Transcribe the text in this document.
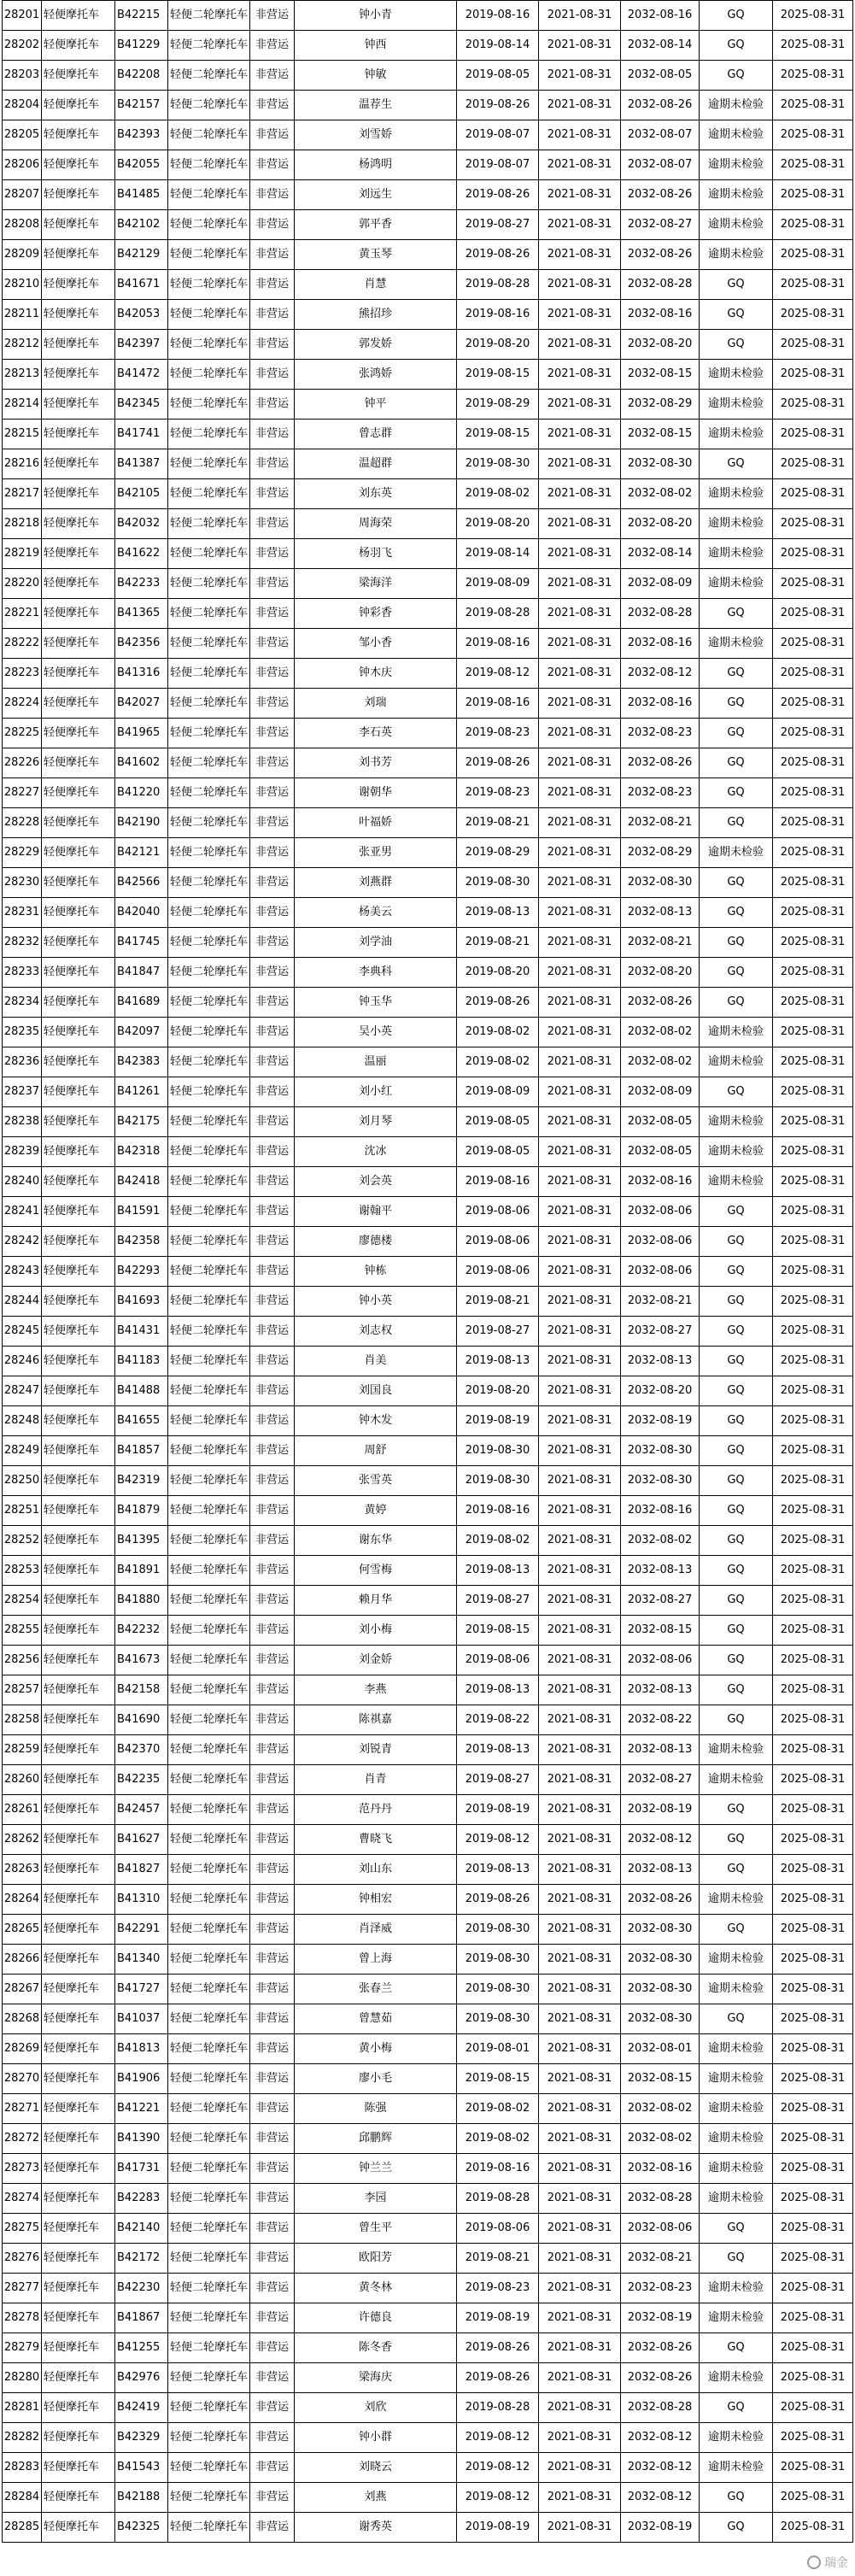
28201	轻便摩托车	B42215	轻便二轮摩托车	非营运	钟小青	2019-08-16	2021-08-31	2032-08-16	GQ	2025-08-31
28202	轻便摩托车	B41229	轻便二轮摩托车	非营运	钟西	2019-08-14	2021-08-31	2032-08-14	GQ	2025-08-31
28203	轻便摩托车	B42208	轻便二轮摩托车	非营运	钟敏	2019-08-05	2021-08-31	2032-08-05	GQ	2025-08-31
28204	轻便摩托车	B42157	轻便二轮摩托车	非营运	温荐生	2019-08-26	2021-08-31	2032-08-26	逾期未检验	2025-08-31
28205	轻便摩托车	B42393	轻便二轮摩托车	非营运	刘雪娇	2019-08-07	2021-08-31	2032-08-07	逾期未检验	2025-08-31
28206	轻便摩托车	B42055	轻便二轮摩托车	非营运	杨鸿明	2019-08-07	2021-08-31	2032-08-07	逾期未检验	2025-08-31
28207	轻便摩托车	B41485	轻便二轮摩托车	非营运	刘远生	2019-08-26	2021-08-31	2032-08-26	逾期未检验	2025-08-31
28208	轻便摩托车	B42102	轻便二轮摩托车	非营运	郭平香	2019-08-27	2021-08-31	2032-08-27	逾期未检验	2025-08-31
28209	轻便摩托车	B42129	轻便二轮摩托车	非营运	黄玉琴	2019-08-26	2021-08-31	2032-08-26	逾期未检验	2025-08-31
28210	轻便摩托车	B41671	轻便二轮摩托车	非营运	肖慧	2019-08-28	2021-08-31	2032-08-28	GQ	2025-08-31
28211	轻便摩托车	B42053	轻便二轮摩托车	非营运	熊招珍	2019-08-16	2021-08-31	2032-08-16	GQ	2025-08-31
28212	轻便摩托车	B42397	轻便二轮摩托车	非营运	郭发娇	2019-08-20	2021-08-31	2032-08-20	GQ	2025-08-31
28213	轻便摩托车	B41472	轻便二轮摩托车	非营运	张鸿娇	2019-08-15	2021-08-31	2032-08-15	逾期未检验	2025-08-31
28214	轻便摩托车	B42345	轻便二轮摩托车	非营运	钟平	2019-08-29	2021-08-31	2032-08-29	逾期未检验	2025-08-31
28215	轻便摩托车	B41741	轻便二轮摩托车	非营运	曾志群	2019-08-15	2021-08-31	2032-08-15	逾期未检验	2025-08-31
28216	轻便摩托车	B41387	轻便二轮摩托车	非营运	温超群	2019-08-30	2021-08-31	2032-08-30	GQ	2025-08-31
28217	轻便摩托车	B42105	轻便二轮摩托车	非营运	刘东英	2019-08-02	2021-08-31	2032-08-02	逾期未检验	2025-08-31
28218	轻便摩托车	B42032	轻便二轮摩托车	非营运	周海荣	2019-08-20	2021-08-31	2032-08-20	逾期未检验	2025-08-31
28219	轻便摩托车	B41622	轻便二轮摩托车	非营运	杨羽飞	2019-08-14	2021-08-31	2032-08-14	逾期未检验	2025-08-31
28220	轻便摩托车	B42233	轻便二轮摩托车	非营运	梁海洋	2019-08-09	2021-08-31	2032-08-09	逾期未检验	2025-08-31
28221	轻便摩托车	B41365	轻便二轮摩托车	非营运	钟彩香	2019-08-28	2021-08-31	2032-08-28	GQ	2025-08-31
28222	轻便摩托车	B42356	轻便二轮摩托车	非营运	邹小香	2019-08-16	2021-08-31	2032-08-16	逾期未检验	2025-08-31
28223	轻便摩托车	B41316	轻便二轮摩托车	非营运	钟木庆	2019-08-12	2021-08-31	2032-08-12	GQ	2025-08-31
28224	轻便摩托车	B42027	轻便二轮摩托车	非营运	刘瑞	2019-08-16	2021-08-31	2032-08-16	GQ	2025-08-31
28225	轻便摩托车	B41965	轻便二轮摩托车	非营运	李石英	2019-08-23	2021-08-31	2032-08-23	GQ	2025-08-31
28226	轻便摩托车	B41602	轻便二轮摩托车	非营运	刘书芳	2019-08-26	2021-08-31	2032-08-26	GQ	2025-08-31
28227	轻便摩托车	B41220	轻便二轮摩托车	非营运	谢朝华	2019-08-23	2021-08-31	2032-08-23	GQ	2025-08-31
28228	轻便摩托车	B42190	轻便二轮摩托车	非营运	叶福娇	2019-08-21	2021-08-31	2032-08-21	GQ	2025-08-31
28229	轻便摩托车	B42121	轻便二轮摩托车	非营运	张亚男	2019-08-29	2021-08-31	2032-08-29	逾期未检验	2025-08-31
28230	轻便摩托车	B42566	轻便二轮摩托车	非营运	刘燕群	2019-08-30	2021-08-31	2032-08-30	GQ	2025-08-31
28231	轻便摩托车	B42040	轻便二轮摩托车	非营运	杨美云	2019-08-13	2021-08-31	2032-08-13	GQ	2025-08-31
28232	轻便摩托车	B41745	轻便二轮摩托车	非营运	刘学油	2019-08-21	2021-08-31	2032-08-21	GQ	2025-08-31
28233	轻便摩托车	B41847	轻便二轮摩托车	非营运	李典科	2019-08-20	2021-08-31	2032-08-20	GQ	2025-08-31
28234	轻便摩托车	B41689	轻便二轮摩托车	非营运	钟玉华	2019-08-26	2021-08-31	2032-08-26	GQ	2025-08-31
28235	轻便摩托车	B42097	轻便二轮摩托车	非营运	吴小英	2019-08-02	2021-08-31	2032-08-02	逾期未检验	2025-08-31
28236	轻便摩托车	B42383	轻便二轮摩托车	非营运	温丽	2019-08-02	2021-08-31	2032-08-02	逾期未检验	2025-08-31
28237	轻便摩托车	B41261	轻便二轮摩托车	非营运	刘小红	2019-08-09	2021-08-31	2032-08-09	GQ	2025-08-31
28238	轻便摩托车	B42175	轻便二轮摩托车	非营运	刘月琴	2019-08-05	2021-08-31	2032-08-05	逾期未检验	2025-08-31
28239	轻便摩托车	B42318	轻便二轮摩托车	非营运	沈冰	2019-08-05	2021-08-31	2032-08-05	逾期未检验	2025-08-31
28240	轻便摩托车	B42418	轻便二轮摩托车	非营运	刘会英	2019-08-16	2021-08-31	2032-08-16	逾期未检验	2025-08-31
28241	轻便摩托车	B41591	轻便二轮摩托车	非营运	谢翰平	2019-08-06	2021-08-31	2032-08-06	GQ	2025-08-31
28242	轻便摩托车	B42358	轻便二轮摩托车	非营运	廖德楼	2019-08-06	2021-08-31	2032-08-06	GQ	2025-08-31
28243	轻便摩托车	B42293	轻便二轮摩托车	非营运	钟栋	2019-08-06	2021-08-31	2032-08-06	GQ	2025-08-31
28244	轻便摩托车	B41693	轻便二轮摩托车	非营运	钟小英	2019-08-21	2021-08-31	2032-08-21	GQ	2025-08-31
28245	轻便摩托车	B41431	轻便二轮摩托车	非营运	刘志权	2019-08-27	2021-08-31	2032-08-27	GQ	2025-08-31
28246	轻便摩托车	B41183	轻便二轮摩托车	非营运	肖美	2019-08-13	2021-08-31	2032-08-13	GQ	2025-08-31
28247	轻便摩托车	B41488	轻便二轮摩托车	非营运	刘国良	2019-08-20	2021-08-31	2032-08-20	GQ	2025-08-31
28248	轻便摩托车	B41655	轻便二轮摩托车	非营运	钟木发	2019-08-19	2021-08-31	2032-08-19	GQ	2025-08-31
28249	轻便摩托车	B41857	轻便二轮摩托车	非营运	周舒	2019-08-30	2021-08-31	2032-08-30	GQ	2025-08-31
28250	轻便摩托车	B42319	轻便二轮摩托车	非营运	张雪英	2019-08-30	2021-08-31	2032-08-30	GQ	2025-08-31
28251	轻便摩托车	B41879	轻便二轮摩托车	非营运	黄婷	2019-08-16	2021-08-31	2032-08-16	GQ	2025-08-31
28252	轻便摩托车	B41395	轻便二轮摩托车	非营运	谢东华	2019-08-02	2021-08-31	2032-08-02	GQ	2025-08-31
28253	轻便摩托车	B41891	轻便二轮摩托车	非营运	何雪梅	2019-08-13	2021-08-31	2032-08-13	GQ	2025-08-31
28254	轻便摩托车	B41880	轻便二轮摩托车	非营运	赖月华	2019-08-27	2021-08-31	2032-08-27	GQ	2025-08-31
28255	轻便摩托车	B42232	轻便二轮摩托车	非营运	刘小梅	2019-08-15	2021-08-31	2032-08-15	GQ	2025-08-31
28256	轻便摩托车	B41673	轻便二轮摩托车	非营运	刘金娇	2019-08-06	2021-08-31	2032-08-06	GQ	2025-08-31
28257	轻便摩托车	B42158	轻便二轮摩托车	非营运	李燕	2019-08-13	2021-08-31	2032-08-13	GQ	2025-08-31
28258	轻便摩托车	B41690	轻便二轮摩托车	非营运	陈祺嘉	2019-08-22	2021-08-31	2032-08-22	GQ	2025-08-31
28259	轻便摩托车	B42370	轻便二轮摩托车	非营运	刘锐青	2019-08-13	2021-08-31	2032-08-13	逾期未检验	2025-08-31
28260	轻便摩托车	B42235	轻便二轮摩托车	非营运	肖青	2019-08-27	2021-08-31	2032-08-27	逾期未检验	2025-08-31
28261	轻便摩托车	B42457	轻便二轮摩托车	非营运	范丹丹	2019-08-19	2021-08-31	2032-08-19	GQ	2025-08-31
28262	轻便摩托车	B41627	轻便二轮摩托车	非营运	曹晓飞	2019-08-12	2021-08-31	2032-08-12	GQ	2025-08-31
28263	轻便摩托车	B41827	轻便二轮摩托车	非营运	刘山东	2019-08-13	2021-08-31	2032-08-13	GQ	2025-08-31
28264	轻便摩托车	B41310	轻便二轮摩托车	非营运	钟相宏	2019-08-26	2021-08-31	2032-08-26	逾期未检验	2025-08-31
28265	轻便摩托车	B42291	轻便二轮摩托车	非营运	肖泽威	2019-08-30	2021-08-31	2032-08-30	GQ	2025-08-31
28266	轻便摩托车	B41340	轻便二轮摩托车	非营运	曾上海	2019-08-30	2021-08-31	2032-08-30	逾期未检验	2025-08-31
28267	轻便摩托车	B41727	轻便二轮摩托车	非营运	张春兰	2019-08-30	2021-08-31	2032-08-30	逾期未检验	2025-08-31
28268	轻便摩托车	B41037	轻便二轮摩托车	非营运	曾慧茹	2019-08-30	2021-08-31	2032-08-30	GQ	2025-08-31
28269	轻便摩托车	B41813	轻便二轮摩托车	非营运	黄小梅	2019-08-01	2021-08-31	2032-08-01	逾期未检验	2025-08-31
28270	轻便摩托车	B41906	轻便二轮摩托车	非营运	廖小毛	2019-08-15	2021-08-31	2032-08-15	逾期未检验	2025-08-31
28271	轻便摩托车	B41221	轻便二轮摩托车	非营运	陈强	2019-08-02	2021-08-31	2032-08-02	逾期未检验	2025-08-31
28272	轻便摩托车	B41390	轻便二轮摩托车	非营运	邱鹏辉	2019-08-02	2021-08-31	2032-08-02	逾期未检验	2025-08-31
28273	轻便摩托车	B41731	轻便二轮摩托车	非营运	钟兰兰	2019-08-16	2021-08-31	2032-08-16	逾期未检验	2025-08-31
28274	轻便摩托车	B42283	轻便二轮摩托车	非营运	李园	2019-08-28	2021-08-31	2032-08-28	逾期未检验	2025-08-31
28275	轻便摩托车	B42140	轻便二轮摩托车	非营运	曾生平	2019-08-06	2021-08-31	2032-08-06	GQ	2025-08-31
28276	轻便摩托车	B42172	轻便二轮摩托车	非营运	欧阳芳	2019-08-21	2021-08-31	2032-08-21	GQ	2025-08-31
28277	轻便摩托车	B42230	轻便二轮摩托车	非营运	黄冬林	2019-08-23	2021-08-31	2032-08-23	逾期未检验	2025-08-31
28278	轻便摩托车	B41867	轻便二轮摩托车	非营运	许德良	2019-08-19	2021-08-31	2032-08-19	逾期未检验	2025-08-31
28279	轻便摩托车	B41255	轻便二轮摩托车	非营运	陈冬香	2019-08-26	2021-08-31	2032-08-26	GQ	2025-08-31
28280	轻便摩托车	B42976	轻便二轮摩托车	非营运	梁海庆	2019-08-26	2021-08-31	2032-08-26	逾期未检验	2025-08-31
28281	轻便摩托车	B42419	轻便二轮摩托车	非营运	刘欣	2019-08-28	2021-08-31	2032-08-28	GQ	2025-08-31
28282	轻便摩托车	B42329	轻便二轮摩托车	非营运	钟小群	2019-08-12	2021-08-31	2032-08-12	逾期未检验	2025-08-31
28283	轻便摩托车	B41543	轻便二轮摩托车	非营运	刘晓云	2019-08-12	2021-08-31	2032-08-12	逾期未检验	2025-08-31
28284	轻便摩托车	B42188	轻便二轮摩托车	非营运	刘燕	2019-08-12	2021-08-31	2032-08-12	GQ	2025-08-31
28285	轻便摩托车	B42325	轻便二轮摩托车	非营运	谢秀英	2019-08-19	2021-08-31	2032-08-19	GQ	2025-08-31
瑞金
